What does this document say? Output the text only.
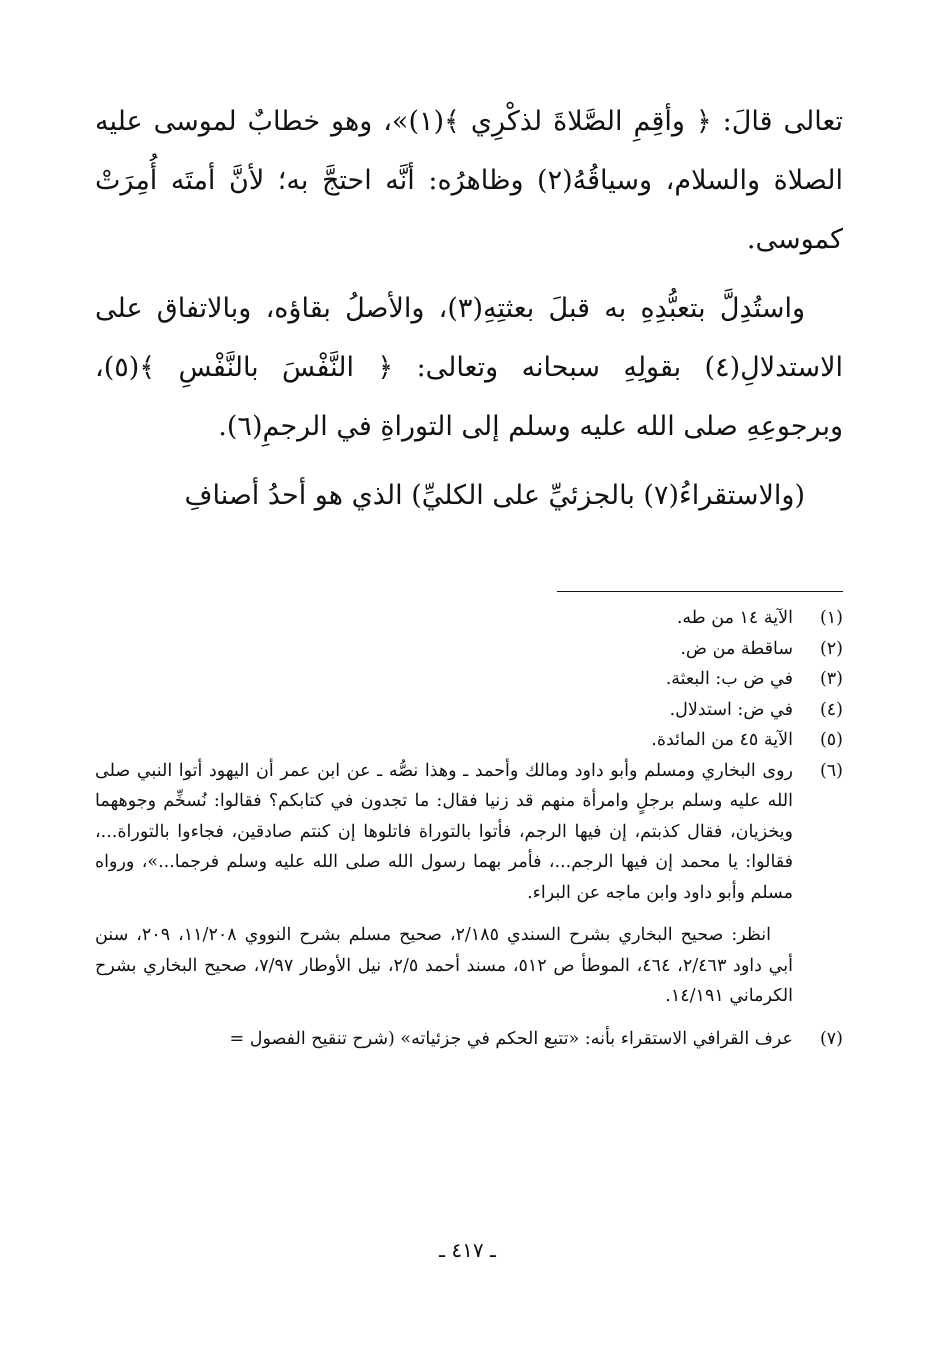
تعالى قالَ: ﴿ وأقِمِ الصَّلاةَ لذكْرِي ﴾(١)»، وهو خطابٌ لموسى عليه الصلاة والسلام، وسياقُهُ(٢) وظاهرُه: أنَّه احتجَّ به؛ لأنَّ أمتَه أُمِرَتْ كموسى.

واستُدِلَّ بتعبُّدِهِ به قبلَ بعثتِهِ(٣)، والأصلُ بقاؤه، وبالاتفاق على الاستدلالِ(٤) بقولِهِ سبحانه وتعالى: ﴿ النَّفْسَ بالنَّفْسِ ﴾(٥)، وبرجوعِهِ صلى الله عليه وسلم إلى التوراةِ في الرجمِ(٦).

(والاستقراءُ(٧) بالجزئيِّ على الكليِّ) الذي هو أحدُ أصنافِ

(١)
الآية ١٤ من طه.
(٢)
ساقطة من ض.
(٣)
في ض ب: البعثة.
(٤)
في ض: استدلال.
(٥)
الآية ٤٥ من المائدة.
(٦)
روى البخاري ومسلم وأبو داود ومالك وأحمد ـ وهذا نصُّه ـ عن ابن عمر أن اليهود أتوا النبي صلى الله عليه وسلم برجلٍ وامرأة منهم قد زنيا فقال: ما تجدون في كتابكم؟ فقالوا: نُسخِّم وجوههما ويخزيان، فقال كذبتم، إن فيها الرجم، فأتوا بالتوراة فاتلوها إن كنتم صادقين، فجاءوا بالتوراة...، فقالوا: يا محمد إن فيها الرجم...، فأمر بهما رسول الله صلى الله عليه وسلم فرجما...»، ورواه مسلم وأبو داود وابن ماجه عن البراء.
انظر: صحيح البخاري بشرح السندي ٢/١٨٥، صحيح مسلم بشرح النووي ١١/٢٠٨، ٢٠٩، سنن أبي داود ٢/٤٦٣، ٤٦٤، الموطأ ص ٥١٢، مسند أحمد ٢/٥، نيل الأوطار ٧/٩٧، صحيح البخاري بشرح الكرماني ١٤/١٩١.
(٧)
عرف القرافي الاستقراء بأنه: «تتبع الحكم في جزئياته» (شرح تنقيح الفصول =
ـ ٤١٧ ـ
